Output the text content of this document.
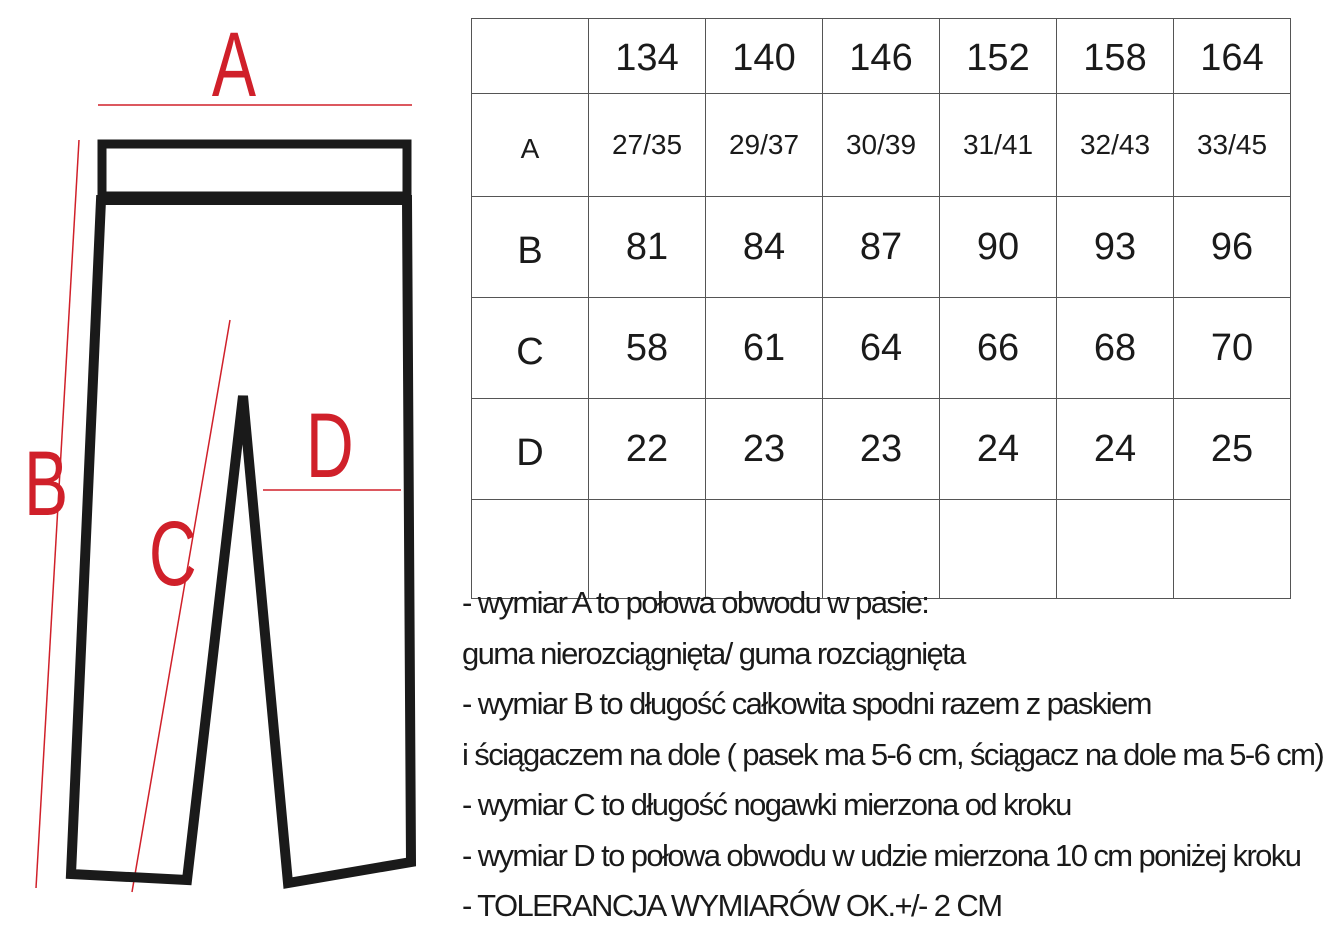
A
B
C
D
	134	140	146	152	158	164
A	27/35	29/37	30/39	31/41	32/43	33/45
B	81	84	87	90	93	96
C	58	61	64	66	68	70
D	22	23	23	24	24	25

- wymiar A to połowa obwodu w pasie:
guma nierozciągnięta/ guma rozciągnięta
- wymiar B to długość całkowita spodni razem z paskiem
i ściągaczem na dole ( pasek ma 5-6 cm, ściągacz na dole ma 5-6 cm)
- wymiar C to długość nogawki mierzona od kroku
- wymiar D to połowa obwodu w udzie mierzona 10 cm poniżej kroku
- TOLERANCJA WYMIARÓW OK.+/- 2 CM
